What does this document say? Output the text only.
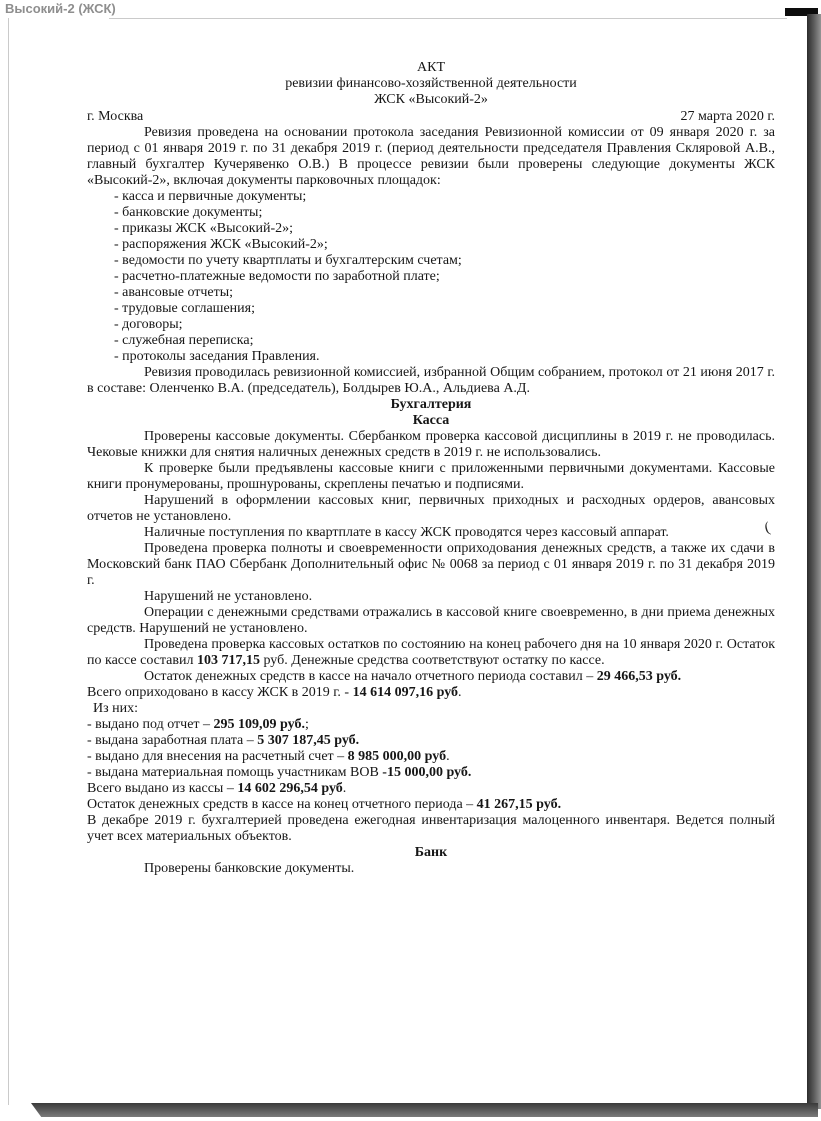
Высокий-2 (ЖСК)
(

АКТ

ревизии финансово-хозяйственной деятельности

ЖСК «Высокий-2»

г. Москва	27 марта 2020 г.

Ревизия проведена на основании протокола заседания Ревизионной комиссии от 09 января 2020 г. за период с 01 января 2019 г. по 31 декабря 2019 г. (период деятельности председателя Правления Скляровой А.В., главный бухгалтер Кучерявенко О.В.) В процессе ревизии были проверены следующие документы ЖСК «Высокий-2», включая документы парковочных площадок:

- касса и первичные документы;

- банковские документы;

- приказы ЖСК «Высокий-2»;

- распоряжения ЖСК «Высокий-2»;

- ведомости по учету квартплаты и бухгалтерским счетам;

- расчетно-платежные ведомости по заработной плате;

- авансовые отчеты;

- трудовые соглашения;

- договоры;

- служебная переписка;

- протоколы заседания Правления.

Ревизия проводилась ревизионной комиссией, избранной Общим собранием, протокол от 21 июня 2017 г. в составе: Оленченко В.А. (председатель), Болдырев Ю.А., Альдиева А.Д.

Бухгалтерия

Касса

Проверены кассовые документы. Сбербанком проверка кассовой дисциплины в 2019 г. не проводилась. Чековые книжки для снятия наличных денежных средств в 2019 г. не использовались.

К проверке были предъявлены кассовые книги с приложенными первичными документами. Кассовые книги пронумерованы, прошнурованы, скреплены печатью и подписями.

Нарушений в оформлении кассовых книг, первичных приходных и расходных ордеров, авансовых отчетов не установлено.

Наличные поступления по квартплате в кассу ЖСК проводятся через кассовый аппарат.

Проведена проверка полноты и своевременности оприходования денежных средств, а также их сдачи в Московский банк ПАО Сбербанк Дополнительный офис № 0068 за период с 01 января 2019 г. по 31 декабря 2019 г.

Нарушений не установлено.

Операции с денежными средствами отражались в кассовой книге своевременно, в дни приема денежных средств. Нарушений не установлено.

Проведена проверка кассовых остатков по состоянию на конец рабочего дня на 10 января 2020 г. Остаток по кассе составил 103 717,15 руб. Денежные средства соответствуют остатку по кассе.

Остаток денежных средств в кассе на начало отчетного периода составил – 29 466,53 руб.

Всего оприходовано в кассу ЖСК в 2019 г. - 14 614 097,16 руб.

Из них:

- выдано под отчет – 295 109,09 руб.;

- выдана заработная плата – 5 307 187,45 руб.

- выдано для внесения на расчетный счет – 8 985 000,00 руб.

- выдана материальная помощь участникам ВОВ -15 000,00 руб.

Всего выдано из кассы – 14 602 296,54 руб.

Остаток денежных средств в кассе на конец отчетного периода – 41 267,15 руб.

В декабре 2019 г. бухгалтерией проведена ежегодная инвентаризация малоценного инвентаря. Ведется полный учет всех материальных объектов.

Банк

Проверены банковские документы.
